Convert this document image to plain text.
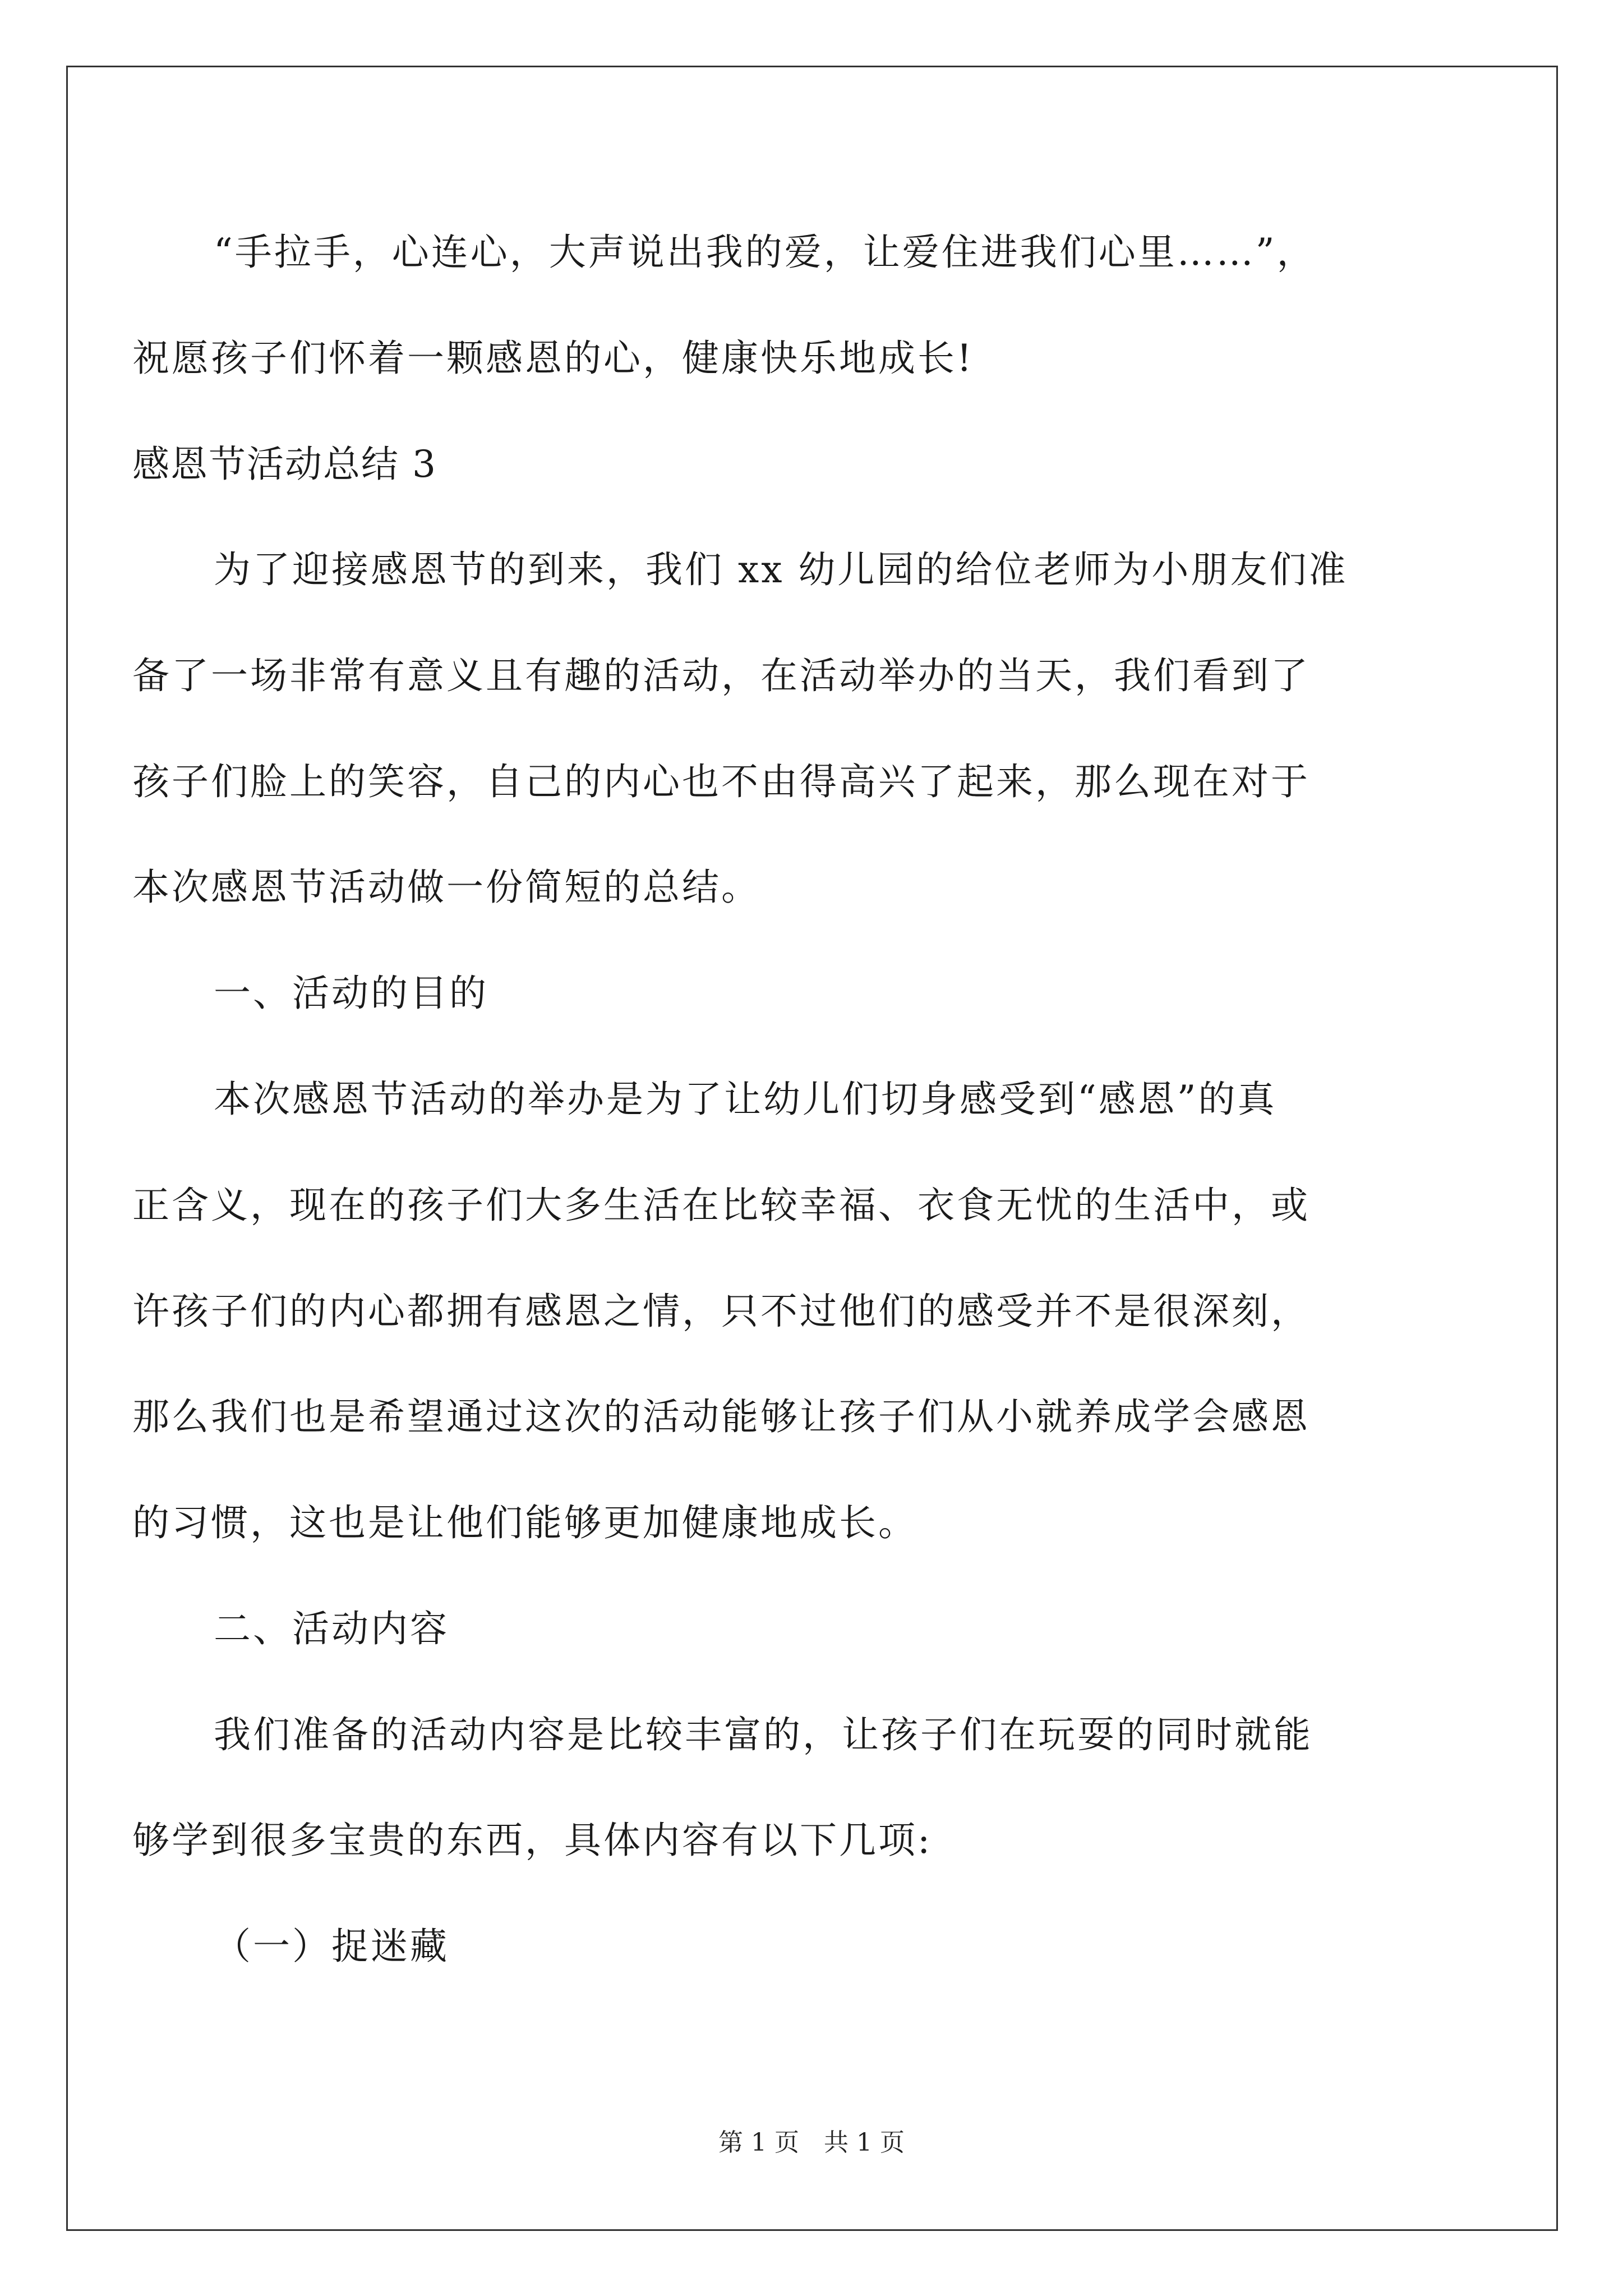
“手拉手，心连心，大声说出我的爱，让爱住进我们心里……”，
祝愿孩子们怀着一颗感恩的心，健康快乐地成长!
感恩节活动总结 3
为了迎接感恩节的到来，我们 xx 幼儿园的给位老师为小朋友们准
备了一场非常有意义且有趣的活动，在活动举办的当天，我们看到了
孩子们脸上的笑容，自己的内心也不由得高兴了起来，那么现在对于
本次感恩节活动做一份简短的总结。
一、活动的目的
本次感恩节活动的举办是为了让幼儿们切身感受到“感恩”的真
正含义，现在的孩子们大多生活在比较幸福、衣食无忧的生活中，或
许孩子们的内心都拥有感恩之情，只不过他们的感受并不是很深刻，
那么我们也是希望通过这次的活动能够让孩子们从小就养成学会感恩
的习惯，这也是让他们能够更加健康地成长。
二、活动内容
我们准备的活动内容是比较丰富的，让孩子们在玩耍的同时就能
够学到很多宝贵的东西，具体内容有以下几项:
（一）捉迷藏
第 1 页　共 1 页
